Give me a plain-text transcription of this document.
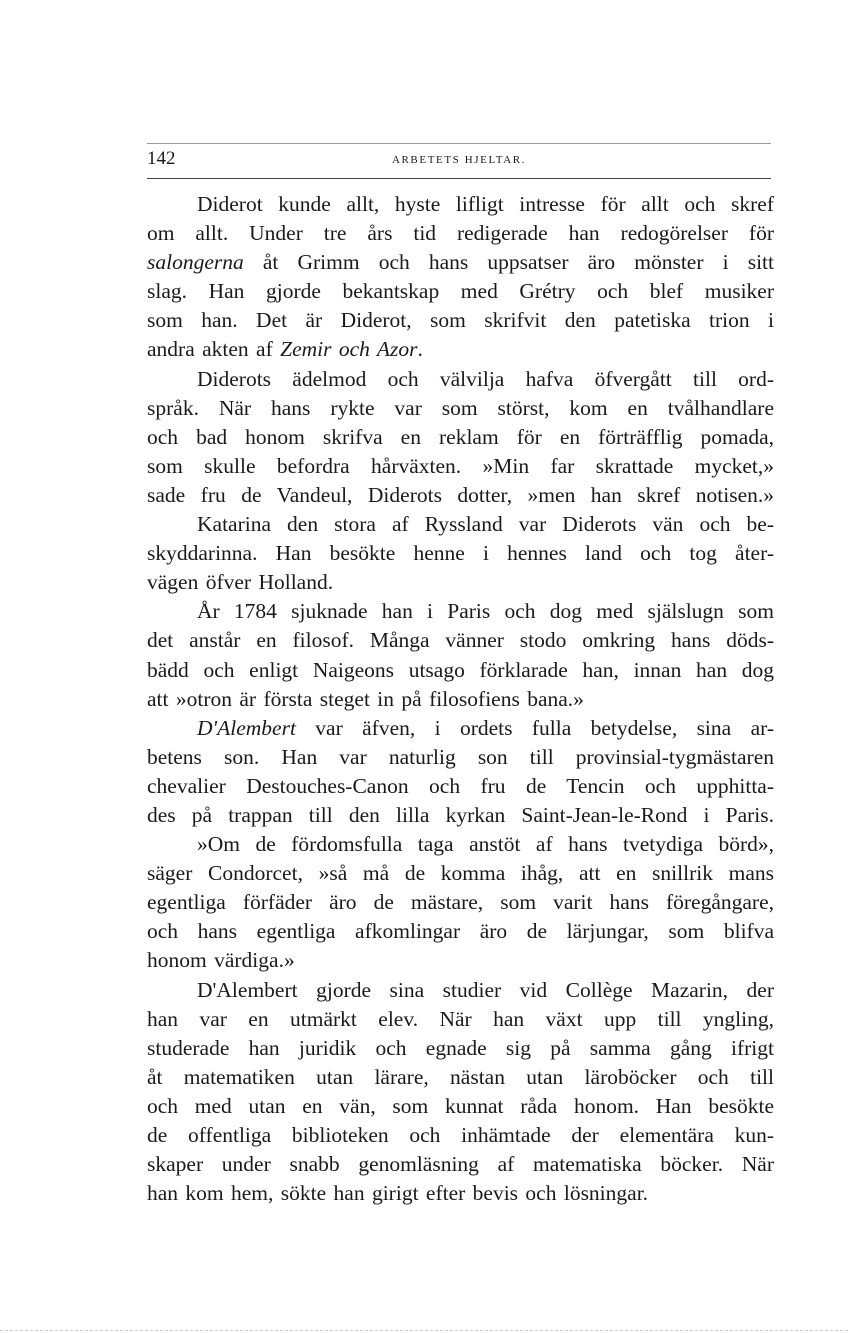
142	ARBETETS HJELTAR.
Diderot kunde allt, hyste lifligt intresse för allt och skref
om allt. Under tre års tid redigerade han redogörelser för
salongerna åt Grimm och hans uppsatser äro mönster i sitt
slag. Han gjorde bekantskap med Grétry och blef musiker
som han. Det är Diderot, som skrifvit den patetiska trion i
andra akten af Zemir och Azor.
Diderots ädelmod och välvilja hafva öfvergått till ord-
språk. När hans rykte var som störst, kom en tvålhandlare
och bad honom skrifva en reklam för en förträfflig pomada,
som skulle befordra hårväxten. »Min far skrattade mycket,»
sade fru de Vandeul, Diderots dotter, »men han skref notisen.»
Katarina den stora af Ryssland var Diderots vän och be-
skyddarinna. Han besökte henne i hennes land och tog åter-
vägen öfver Holland.
År 1784 sjuknade han i Paris och dog med själslugn som
det anstår en filosof. Många vänner stodo omkring hans döds-
bädd och enligt Naigeons utsago förklarade han, innan han dog
att »otron är första steget in på filosofiens bana.»
D'Alembert var äfven, i ordets fulla betydelse, sina ar-
betens son. Han var naturlig son till provinsial-tygmästaren
chevalier Destouches-Canon och fru de Tencin och upphitta-
des på trappan till den lilla kyrkan Saint-Jean-le-Rond i Paris.
»Om de fördomsfulla taga anstöt af hans tvetydiga börd»,
säger Condorcet, »så må de komma ihåg, att en snillrik mans
egentliga förfäder äro de mästare, som varit hans föregångare,
och hans egentliga afkomlingar äro de lärjungar, som blifva
honom värdiga.»
D'Alembert gjorde sina studier vid Collège Mazarin, der
han var en utmärkt elev. När han växt upp till yngling,
studerade han juridik och egnade sig på samma gång ifrigt
åt matematiken utan lärare, nästan utan läroböcker och till
och med utan en vän, som kunnat råda honom. Han besökte
de offentliga biblioteken och inhämtade der elementära kun-
skaper under snabb genomläsning af matematiska böcker. När
han kom hem, sökte han girigt efter bevis och lösningar.
